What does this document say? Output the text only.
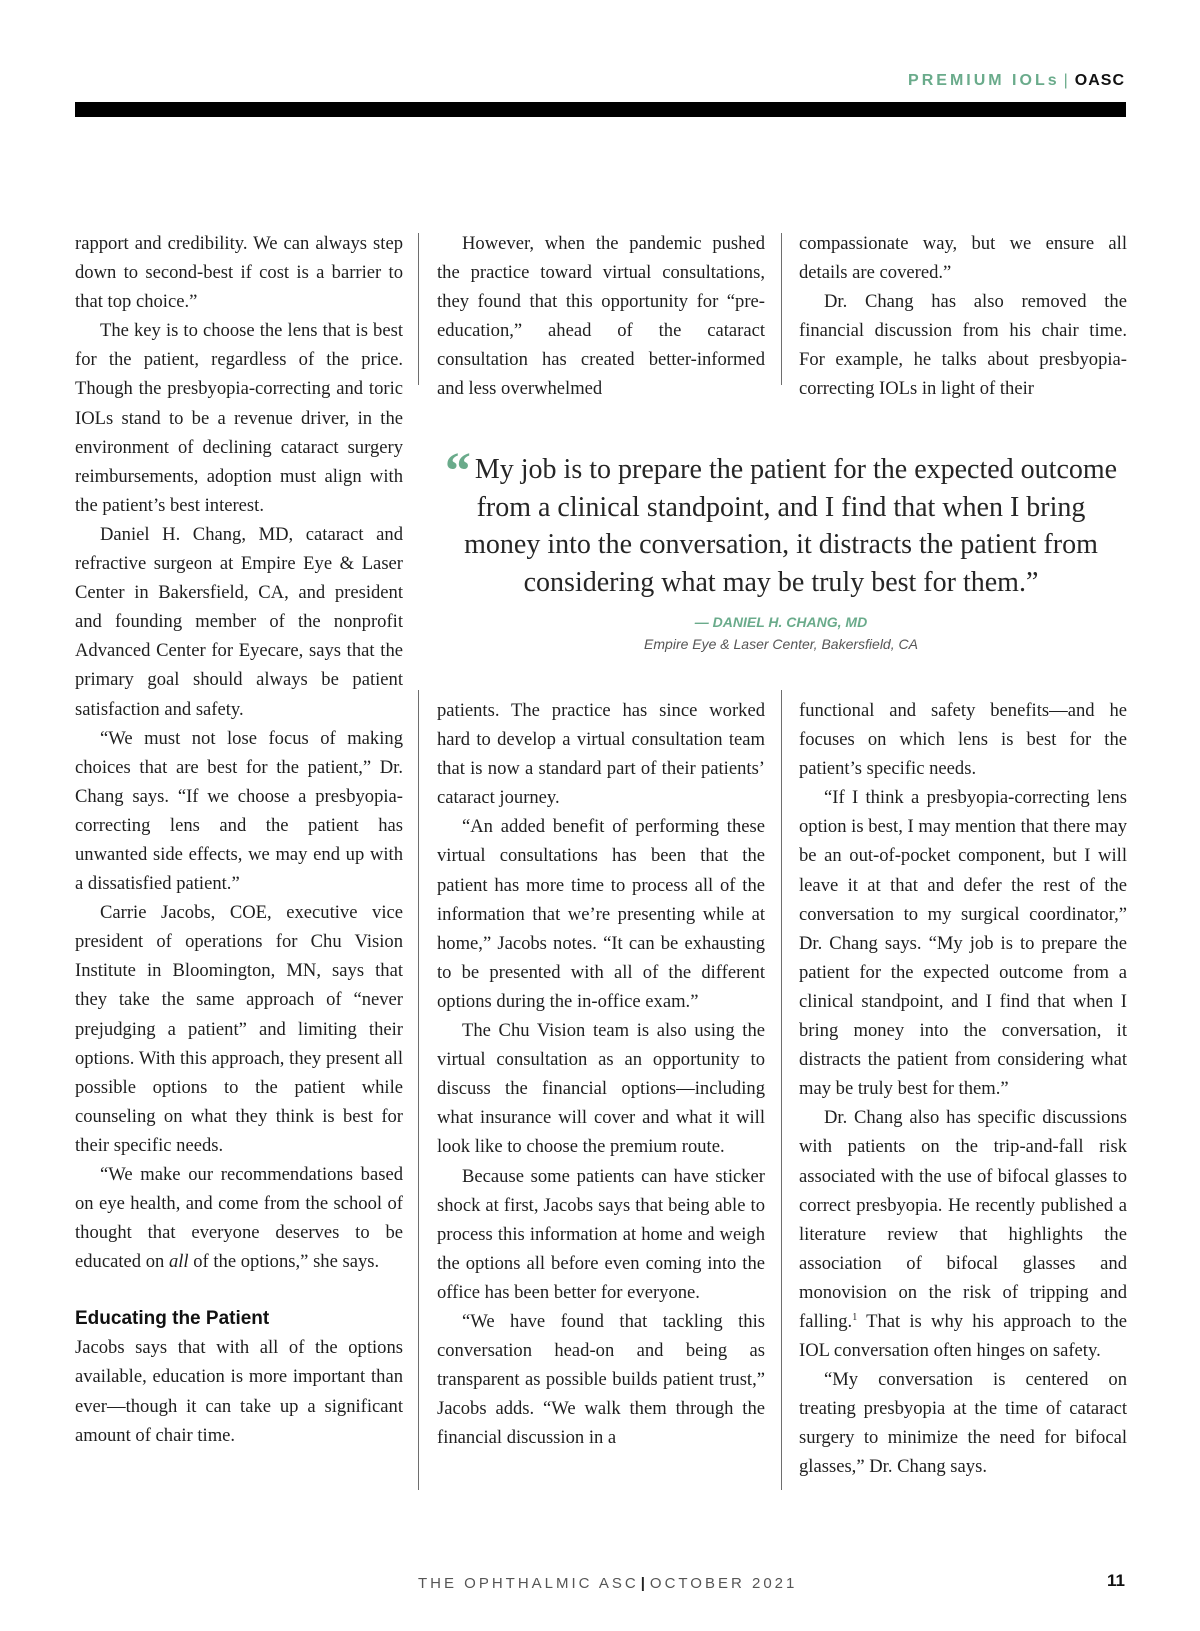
PREMIUM IOLs | OASC

rapport and credibility. We can always step down to second-best if cost is a barrier to that top choice.”

The key is to choose the lens that is best for the patient, regardless of the price. Though the presbyopia-correcting and toric IOLs stand to be a revenue driver, in the environment of declining cataract surgery reimbursements, adoption must align with the patient’s best interest.

Daniel H. Chang, MD, cataract and refractive surgeon at Empire Eye & Laser Center in Bakersfield, CA, and president and founding member of the nonprofit Advanced Center for Eyecare, says that the primary goal should always be patient satisfaction and safety.

“We must not lose focus of making choices that are best for the patient,” Dr. Chang says. “If we choose a presbyopia-correcting lens and the patient has unwanted side effects, we may end up with a dissatisfied patient.”

Carrie Jacobs, COE, executive vice president of operations for Chu Vision Institute in Bloomington, MN, says that they take the same approach of “never prejudging a patient” and limiting their options. With this approach, they present all possible options to the patient while counseling on what they think is best for their specific needs.

“We make our recommendations based on eye health, and come from the school of thought that everyone deserves to be educated on all of the options,” she says.

Educating the Patient

Jacobs says that with all of the options available, education is more important than ever—though it can take up a significant amount of chair time.

However, when the pandemic pushed the practice toward virtual consultations, they found that this opportunity for “pre-education,” ahead of the cataract consultation has created better-informed and less overwhelmed

compassionate way, but we ensure all details are covered.”

Dr. Chang has also removed the financial discussion from his chair time. For example, he talks about presbyopia-correcting IOLs in light of their

“ My job is to prepare the patient for the expected outcome from a clinical standpoint, and I find that when I bring money into the conversation, it distracts the patient from considering what may be truly best for them.”
— DANIEL H. CHANG, MD
Empire Eye & Laser Center, Bakersfield, CA

patients. The practice has since worked hard to develop a virtual consultation team that is now a standard part of their patients’ cataract journey.

“An added benefit of performing these virtual consultations has been that the patient has more time to process all of the information that we’re presenting while at home,” Jacobs notes. “It can be exhausting to be presented with all of the different options during the in-office exam.”

The Chu Vision team is also using the virtual consultation as an opportunity to discuss the financial options—including what insurance will cover and what it will look like to choose the premium route.

Because some patients can have sticker shock at first, Jacobs says that being able to process this information at home and weigh the options all before even coming into the office has been better for everyone.

“We have found that tackling this conversation head-on and being as transparent as possible builds patient trust,” Jacobs adds. “We walk them through the financial discussion in a

functional and safety benefits—and he focuses on which lens is best for the patient’s specific needs.

“If I think a presbyopia-correcting lens option is best, I may mention that there may be an out-of-pocket component, but I will leave it at that and defer the rest of the conversation to my surgical coordinator,” Dr. Chang says. “My job is to prepare the patient for the expected outcome from a clinical standpoint, and I find that when I bring money into the conversation, it distracts the patient from considering what may be truly best for them.”

Dr. Chang also has specific discussions with patients on the trip-and-fall risk associated with the use of bifocal glasses to correct presbyopia. He recently published a literature review that highlights the association of bifocal glasses and monovision on the risk of tripping and falling.$^1$ That is why his approach to the IOL conversation often hinges on safety.

“My conversation is centered on treating presbyopia at the time of cataract surgery to minimize the need for bifocal glasses,” Dr. Chang says.

THE OPHTHALMIC ASC | OCTOBER 2021	11
